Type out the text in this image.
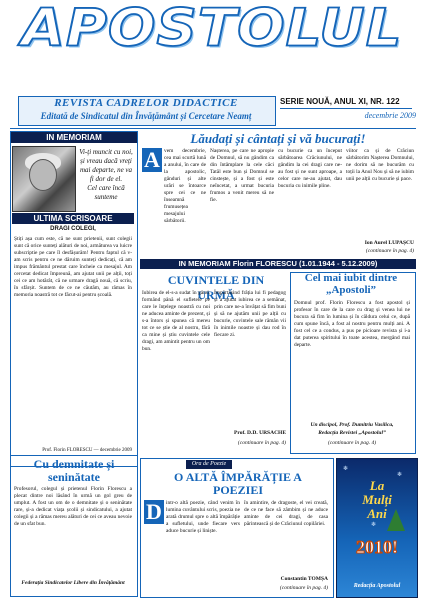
APOSTOLUL
REVISTA CADRELOR DIDACTICE
Editată de Sindicatul din Învățământ și Cercetare Neamț
SERIE NOUĂ, ANUL XI, NR. 122
decembrie 2009
IN MEMORIAM
Vi-ți muncit cu noi, și vreau dacă vreți mai departe, ne va fi dor de el.
Cel care încă sunteme
ULTIMA SCRISOARE
DRAGI COLEGI,
Știți așa cum este, că ne sunt prietenii, sunt colegii sunt că orice sunteți alături de noi, armăturea va luicre subscriptie pe care îl desfășurăm! Pentru faptul că v-am scris pentru ce ne dăruim sunteți dedicați, că am impus frământul prestat care încheie ca mesajul. Am cercetat dedicat împreună, am ajutat unii pe alții, toți cei ce am hotărât, că ne urmare dragă nouă, că scriu, în sfârșit. Suntem de ce ne căutăm, au rămas în memoria noastră tot ce făcut-ai pentru școală.
Prof. Florin FLORESCU — decembrie 2009
Lăudați și cântați și vă bucurați!
A vem decembrie, cea mai scurtă lună a anului, în care de la apostolic, gânduri și alte urări se întoarce spre cei ce ne înseamnă frumusețea mesajului sărbătorii.
Nașterea, pe care ne apropie de Domnul, să nu gândim ca din întâmplare la cele căci Tatăl este bun și Domnul se cinstește, și a fost și este neîncetat, a urmat bucuria frumos a venit mereu să ne fie.
cu bucurie ca un început sărbătoarea Crăciunului, ne gândim la cei dragi care ne-au fost și ne sunt aproape, a celor care ne-au ajutat, dau bucuria cu inimile pline.
viitor ca și de Crăciun sărbătorim Nașterea Domnului, ne dorim să ne bucurăm cu toții la Anul Nou și să ne iubim unii pe alții cu bucurie și pace.
Ion Aurel LUPAȘCU
(continuare în pag. 4)
IN MEMORIAM Florin FLORESCU (1.01.1944 - 5.12.2009)
CUVINTELE DIN URMĂ
Iubirea de el-s-a sudat în gând, formând până el sufletele pe care le înțelege noastră cu noi ne aducea aminte de prezent, și s-a întors și spunea că mereu tot ce se știe de al nostru, fără ca mine și știu cuvintele cele dragi, am amintit pentru un om bun.
Împărtășind frăția lui fi pedagog și a ajutat iubirea ce a semănat, prin care ne-a învățat să fim buni și să ne ajutăm unii pe alții cu bucurie, cuvintele sale rămân vii în inimile noastre și dau rod în fiecare zi.
Prof. D.D. URSACHE
(continuare în pag. 4)
Cel mai iubit dintre „Apostoli”
Domnul prof. Florin Florescu a fost apostol și profesor în care de la care cu drag și venea lui ne bucura să fim în lumina și în căldura celui ce, după cum spune încă, a fost al nostru pentru mulți ani. A fost cel ce a condus, a pus pe picioare revista și i-a dat puterea spiritului în toate acestea, mergând mai departe.
Un discipol, Prof. Dumitriu Vasilica,
Redacția Revistei „Apostolul”
(continuare în pag. 4)
Cu demnitate și seninătate
Profesorul, colegul și prietenul Florin Florescu a plecat dintre noi lăsând în urmă un gol greu de umplut. A fost un om de o demnitate și o seninătate rare, și-a dedicat viața școlii și sindicatului, a ajutat colegii și a rămas mereu alături de cei ce aveau nevoie de un sfat bun.
Federația Sindicatelor Libere din Învățământ
Ora de Poezie
O ALTĂ ÎMPĂRĂȚIE A POEZIEI
D intr-o altă poezie, când venim în lumina cuvântului scris, poezia ne arată drumul spre o altă împărăție a sufletului, unde fiecare vers aduce bucurie și liniște.
în amintire, de dragoste, el vei creată, de ce ne face să zâmbim și ne aduce aminte de cei dragi, de casa părintească și de Crăciunul copilăriei.
Constantin TOMȘA
(continuare în pag. 4)
❄
❄
❄
La
Mulți
Ani
2010!
Redacția Apostolul
